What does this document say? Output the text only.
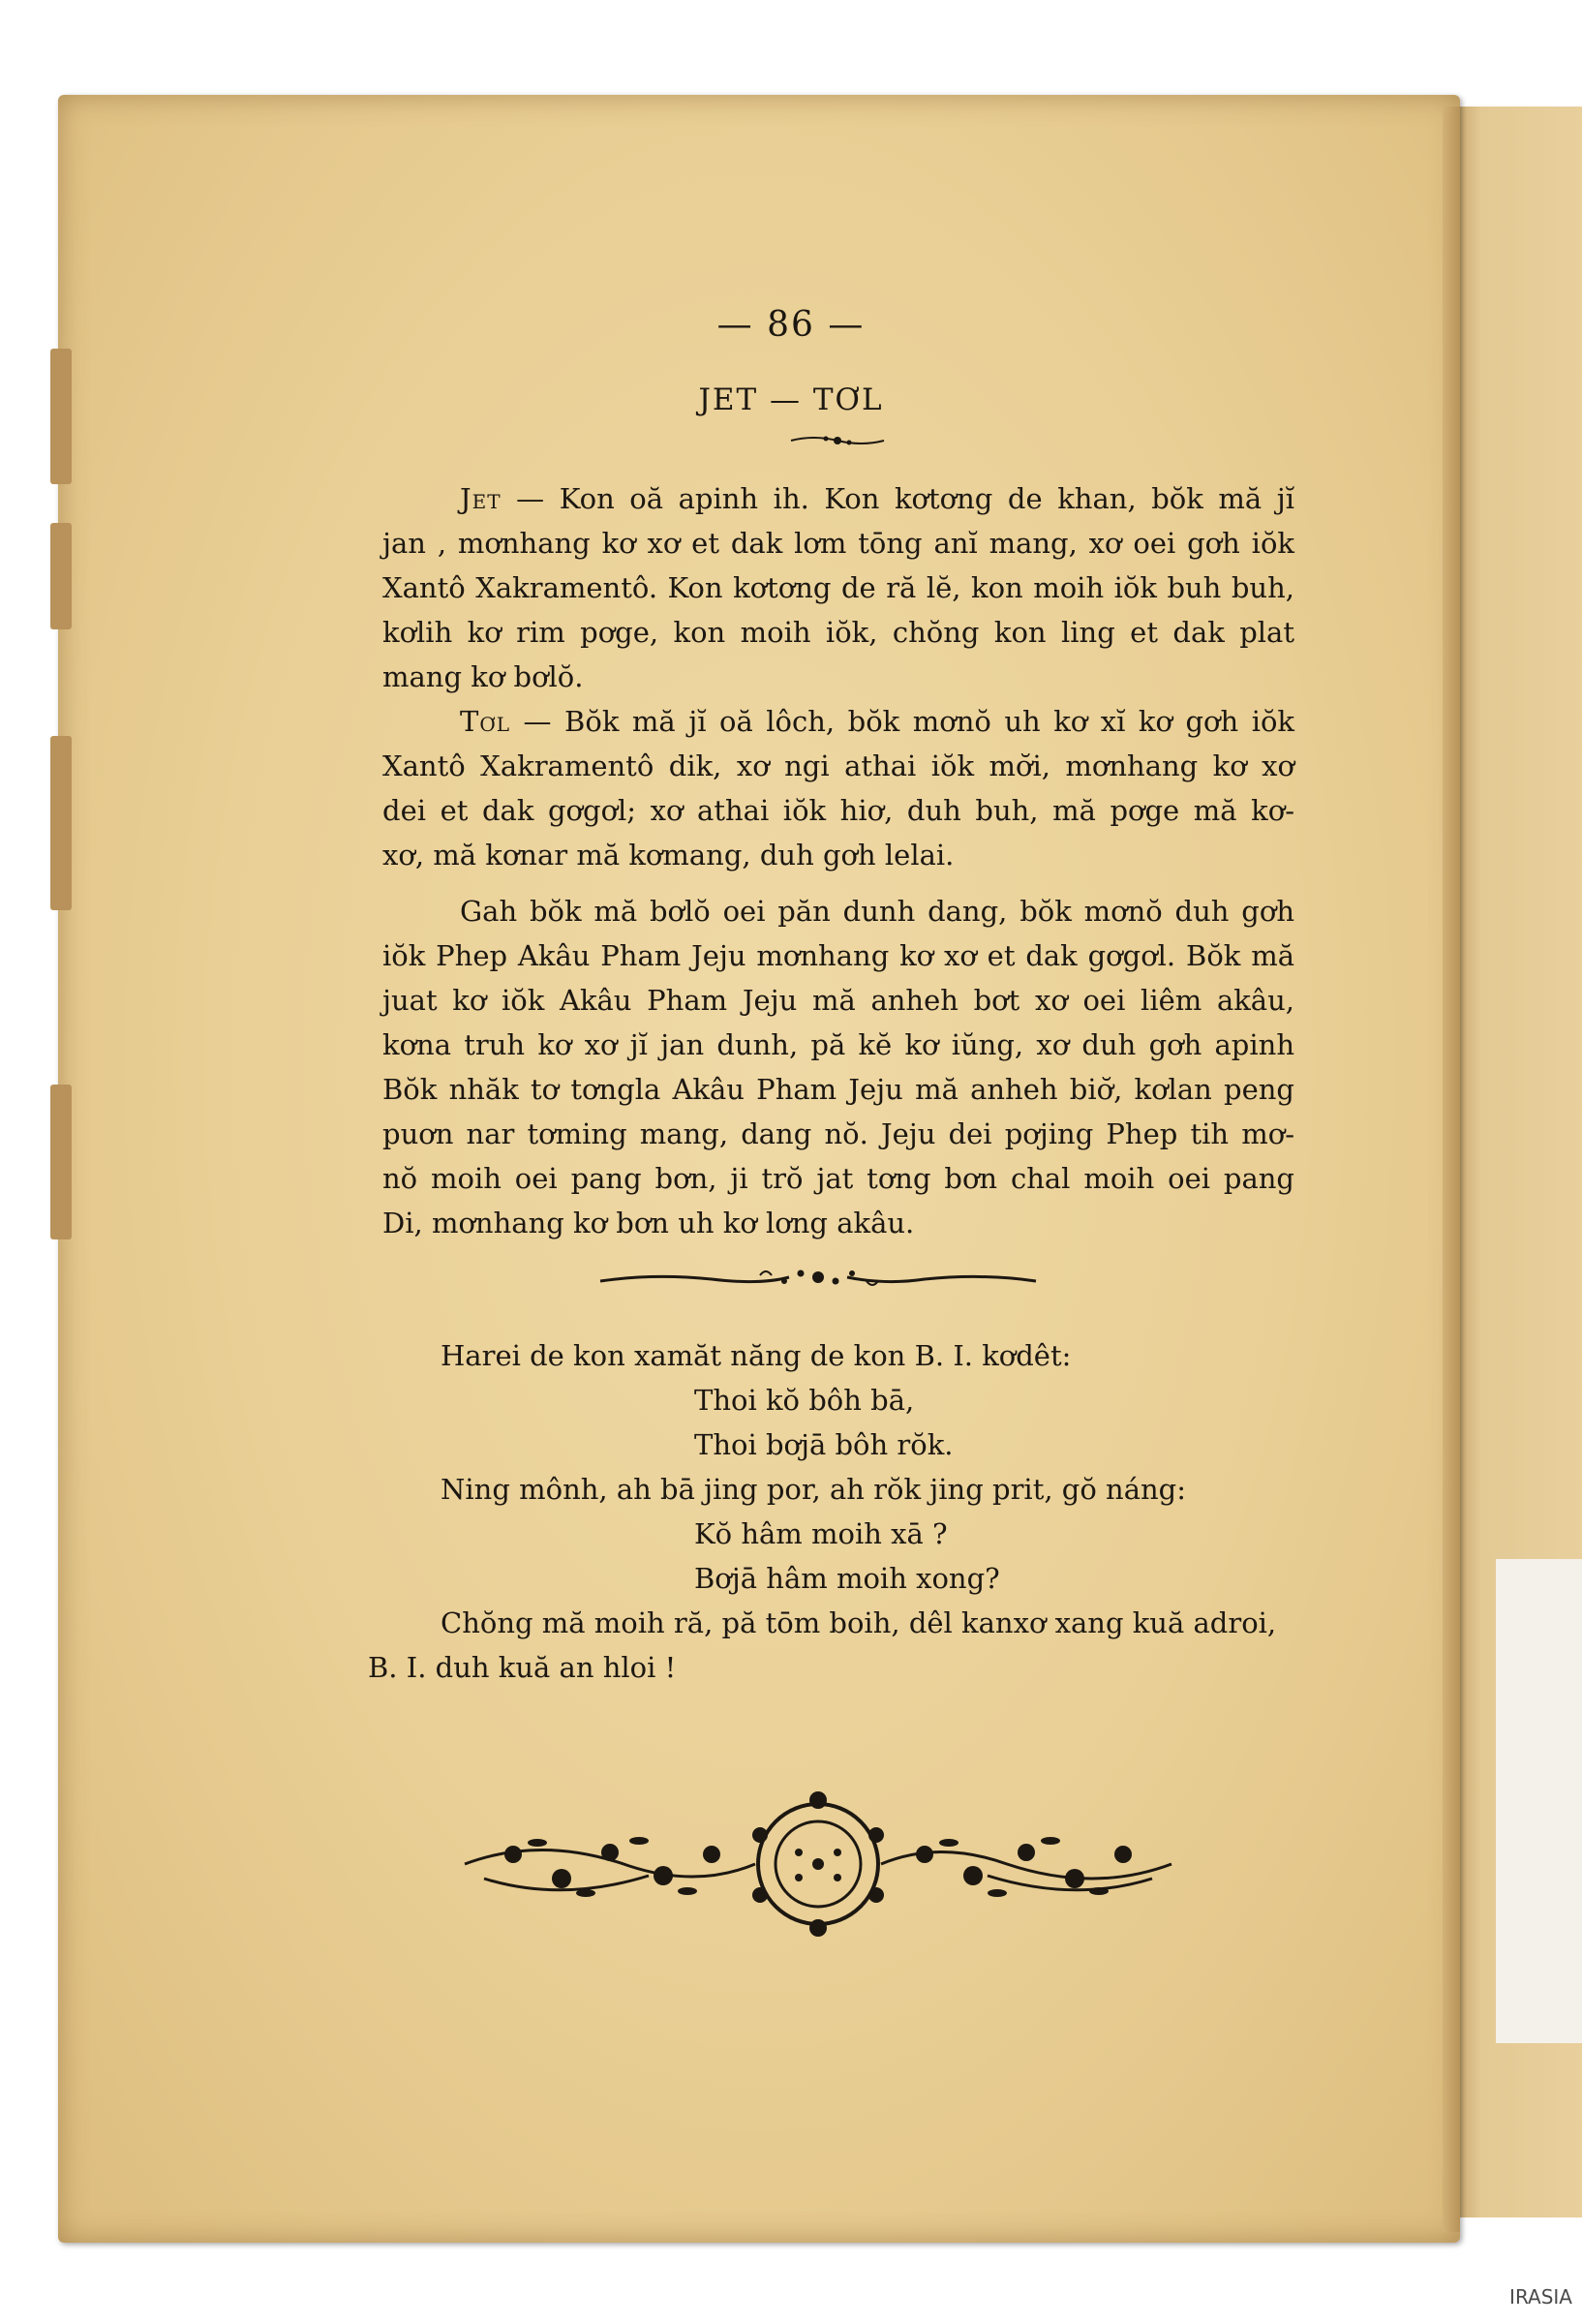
— 86 —
JET — TƠL
Jet — Kon oă apinh ih. Kon kơtơng de khan, bŏk mă jĭ
jan , mơnhang kơ xơ et dak lơm tōng anĭ mang, xơ oei gơh iŏk
Xantô Xakramentô. Kon kơtơng de ră lĕ, kon moih iŏk buh buh,
kơlih kơ rim pơge, kon moih iŏk, chŏng kon ling et dak plat
mang kơ bơlŏ.
Tơl — Bŏk mă jĭ oă lôch, bŏk mơnŏ uh kơ xĭ kơ gơh iŏk
Xantô Xakramentô dik, xơ ngi athai iŏk mơ̆i, mơnhang kơ xơ
dei et dak gơgơl; xơ athai iŏk hiơ, duh buh, mă pơge mă kơ-
xơ, mă kơnar mă kơmang, duh gơh lelai.
Gah bŏk mă bơlŏ oei păn dunh dang, bŏk mơnŏ duh gơh
iŏk Phep Akâu Pham Jeju mơnhang kơ xơ et dak gơgơl. Bŏk mă
juat kơ iŏk Akâu Pham Jeju mă anheh bơt xơ oei liêm akâu,
kơna truh kơ xơ jĭ jan dunh, pă kĕ kơ iŭng, xơ duh gơh apinh
Bŏk nhăk tơ tơngla Akâu Pham Jeju mă anheh biơ̆, kơlan peng
puơn nar tơming mang, dang nŏ. Jeju dei pơjing Phep tih mơ-
nŏ moih oei pang bơn, ji trŏ jat tơng bơn chal moih oei pang
Di, mơnhang kơ bơn uh kơ lơng akâu.
Harei de kon xamăt năng de kon B. I. kơdêt:
Thoi kŏ bôh bā,
Thoi bơjā bôh rŏk.
Ning mônh, ah bā jing por, ah rŏk jing prit, gŏ náng:
Kŏ hâm moih xā ?
Bơjā hâm moih xong?
Chŏng mă moih ră, pă tōm boih, dêl kanxơ xang kuă adroi,
B. I. duh kuă an hloi !
IRASIA
